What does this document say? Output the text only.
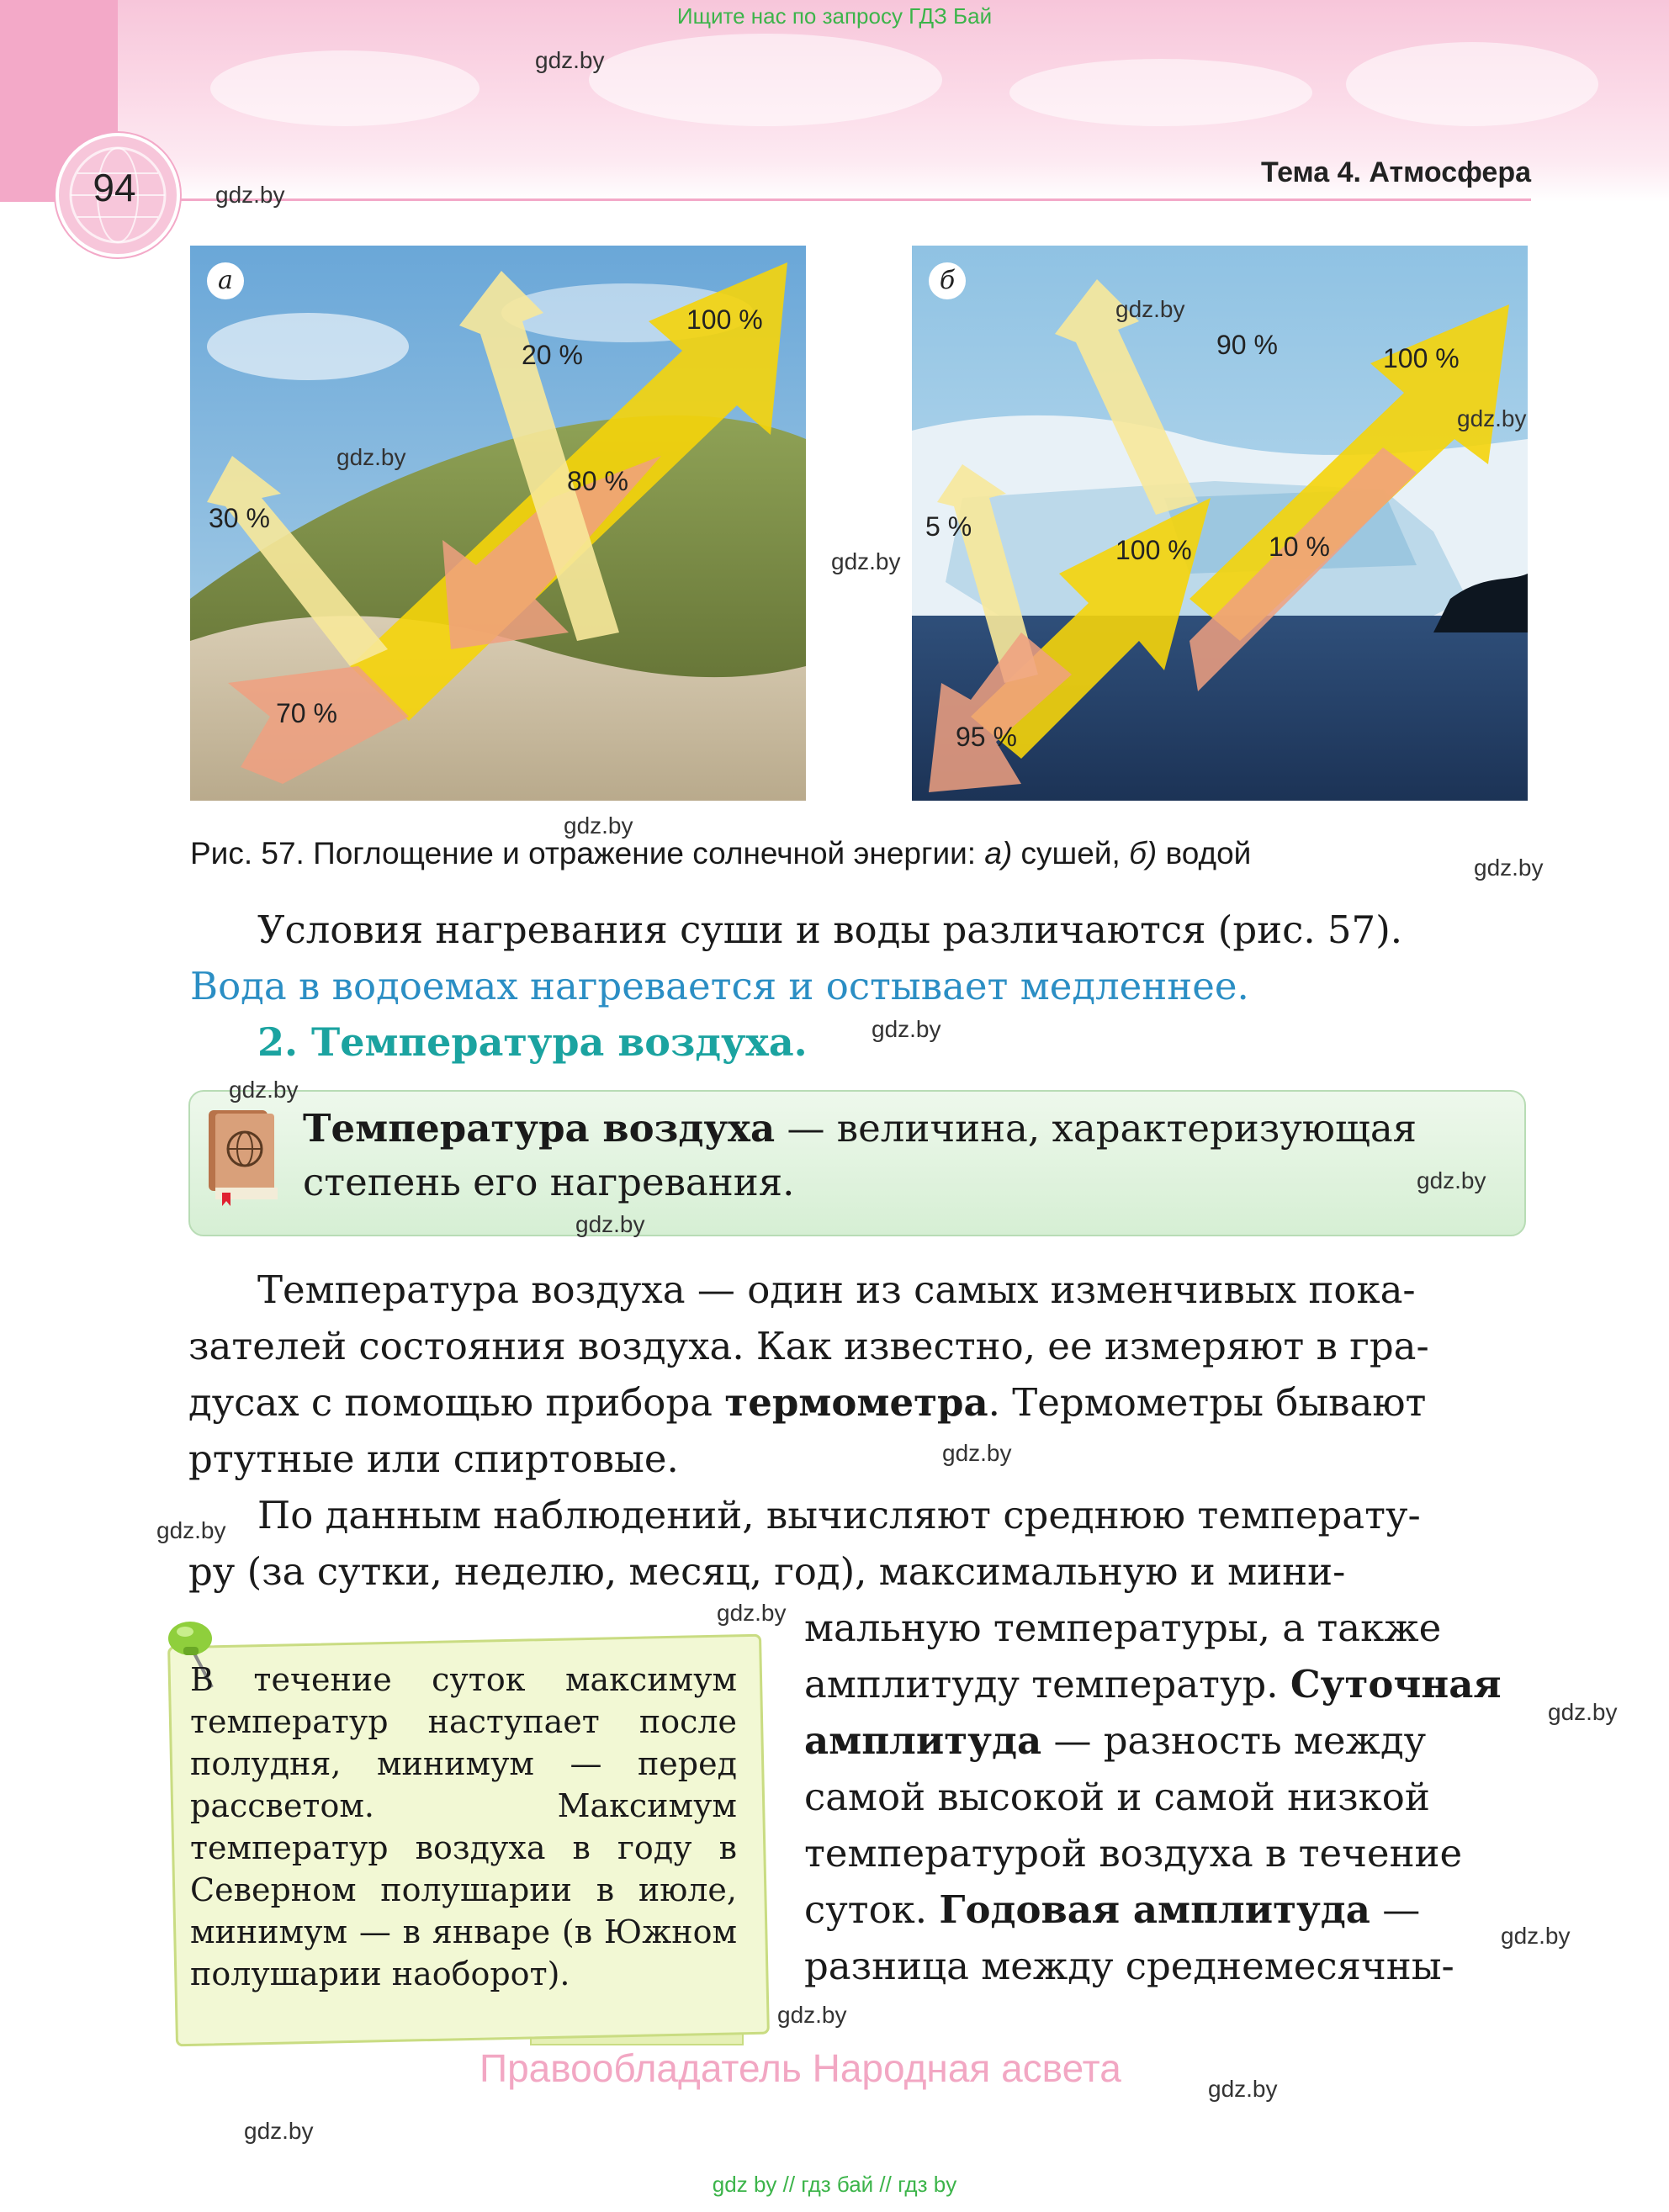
Ищите нас по запросу ГДЗ Бай
94	Тема 4. Атмосфера
а
100 %
20 %
80 %
30 %
70 %
б
90 %	100 %
5 %
100 %	10 %
95 %
Рис. 57. Поглощение и отражение солнечной энергии: а) сушей, б) водой
Условия нагревания суши и воды различаются (рис. 57).
Вода в водоемах нагревается и остывает медленнее.
2. Температура воздуха.
Температура воздуха — величина, характеризующая
степень его нагревания.
Температура воздуха — один из самых изменчивых пока-
зателей состояния воздуха. Как известно, ее измеряют в гра-
дусах с помощью прибора термометра. Термометры бывают
ртутные или спиртовые.
По данным наблюдений, вычисляют среднюю температу-
ру (за сутки, неделю, месяц, год), максимальную и мини-
мальную температуры, а также
амплитуду температур. Суточная
амплитуда — разность между
самой высокой и самой низкой
температурой воздуха в течение
суток. Годовая амплитуда —
разница между среднемесячны-
В течение суток максимум температур наступает после полудня, минимум — перед рассветом. Максимум температур воздуха в году в Северном полушарии в июле, минимум — в январе (в Южном полушарии наоборот).
Правообладатель Народная асвета
gdz.by
gdz.by
gdz.by
gdz.by
gdz.by
gdz.by
gdz.by
gdz.by
gdz.by
gdz.by
gdz.by
gdz.by
gdz.by
gdz.by
gdz.by
gdz.by
gdz.by
gdz.by
gdz.by
gdz.by
gdz by // гдз бай // гдз by
